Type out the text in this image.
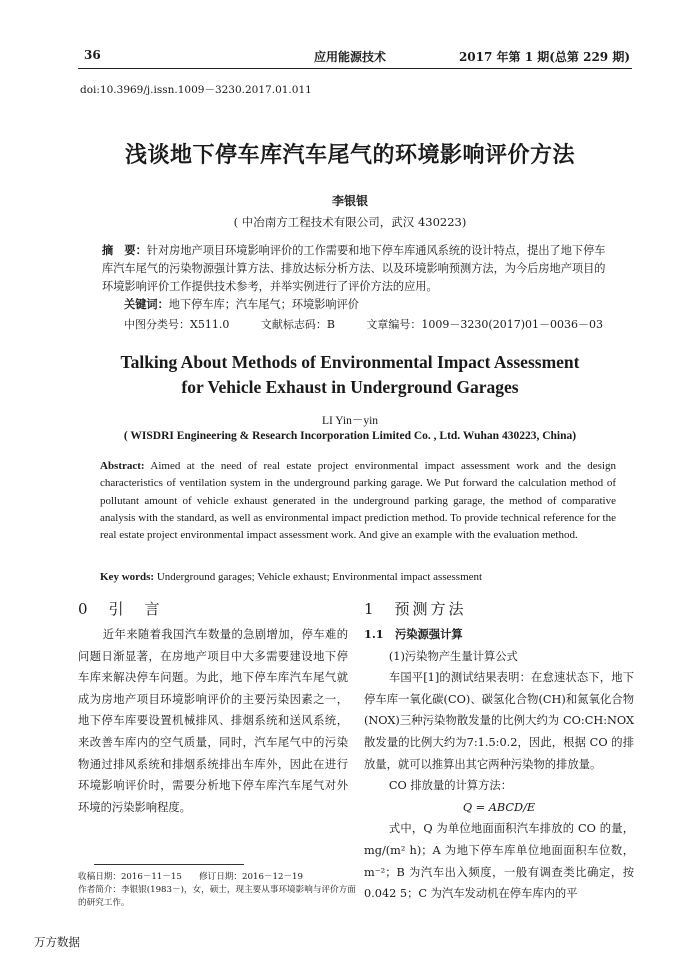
36	应用能源技术	2017 年第 1 期(总第 229 期)
doi:10.3969/j.issn.1009－3230.2017.01.011
浅谈地下停车库汽车尾气的环境影响评价方法
李银银
( 中冶南方工程技术有限公司，武汉 430223)
摘　要：针对房地产项目环境影响评价的工作需要和地下停车库通风系统的设计特点，提出了地下停车库汽车尾气的污染物源强计算方法、排放达标分析方法、以及环境影响预测方法，为今后房地产项目的环境影响评价工作提供技术参考，并举实例进行了评价方法的应用。
关键词：地下停车库；汽车尾气；环境影响评价
中图分类号：X511.0	文献标志码：B	文章编号：1009－3230(2017)01－0036－03
Talking About Methods of Environmental Impact Assessment
for Vehicle Exhaust in Underground Garages
LI Yin－yin
( WISDRI Engineering & Research Incorporation Limited Co. , Ltd. Wuhan 430223, China)
Abstract: Aimed at the need of real estate project environmental impact assessment work and the design characteristics of ventilation system in the underground parking garage. We Put forward the calculation method of pollutant amount of vehicle exhaust generated in the underground parking garage, the method of comparative analysis with the standard, as well as environmental impact prediction method. To provide technical reference for the real estate project environmental impact assessment work. And give an example with the evaluation method.
Key words: Underground garages; Vehicle exhaust; Environmental impact assessment
0　引　言
近年来随着我国汽车数量的急剧增加，停车难的问题日渐显著，在房地产项目中大多需要建设地下停车库来解决停车问题。为此，地下停车库汽车尾气就成为房地产项目环境影响评价的主要污染因素之一，地下停车库要设置机械排风、排烟系统和送风系统，来改善车库内的空气质量，同时，汽车尾气中的污染物通过排风系统和排烟系统排出车库外，因此在进行环境影响评价时，需要分析地下停车库汽车尾气对外环境的污染影响程度。
1　预测方法

1.1　污染源强计算

(1)污染物产生量计算公式

车国平[1]的测试结果表明：在怠速状态下，地下停车库一氧化碳(CO)、碳氢化合物(CH)和氮氧化合物(NOX)三种污染物散发量的比例大约为 CO:CH:NOX散发量的比例大约为7:1.5:0.2，因此，根据 CO 的排放量，就可以推算出其它两种污染物的排放量。

CO 排放量的计算方法：

Q = ABCD/E

式中，Q 为单位地面面积汽车排放的 CO 的量，mg/(m² h)；A 为地下停车库单位地面面积车位数，m⁻²；B 为汽车出入频度，一般有调查类比确定，按 0.042 5；C 为汽车发动机在停车库内的平

收稿日期：2016－11－15　　修订日期：2016－12－19
作者简介：李银银(1983－)，女，硕士，现主要从事环境影响与评价方面的研究工作。
万方数据
